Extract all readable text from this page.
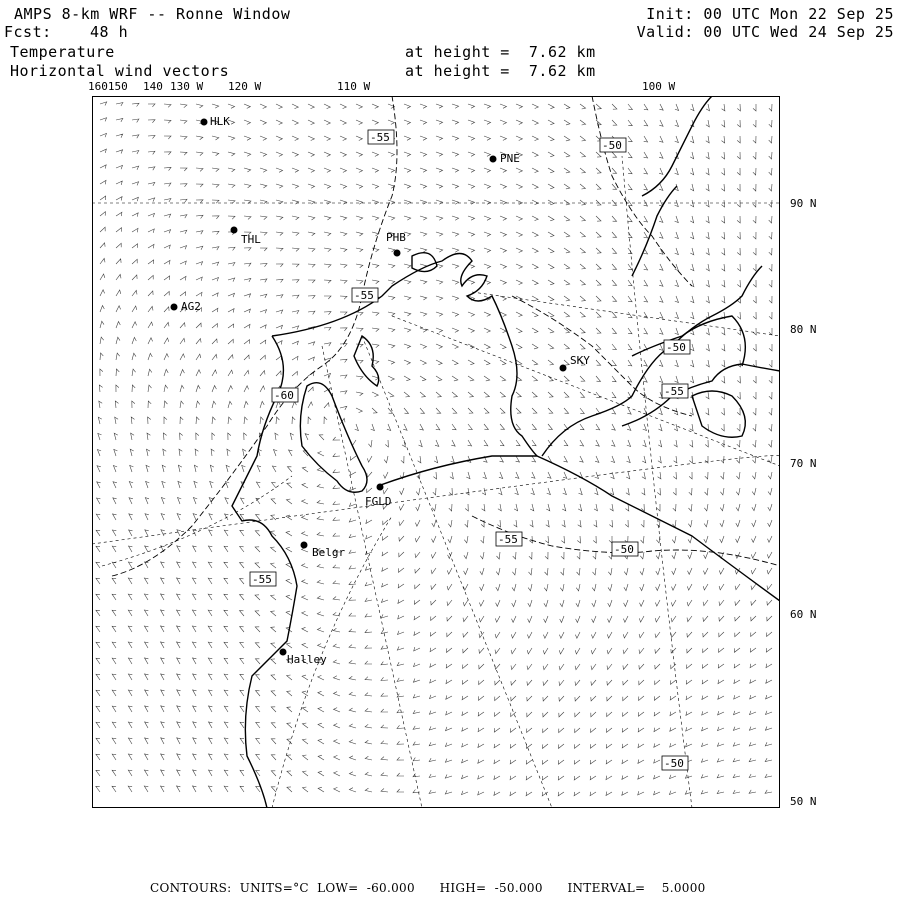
AMPS 8-km WRF -- Ronne Window
Fcst:	48 h
Init: 00 UTC Mon 22 Sep 25
Valid: 00 UTC Wed 24 Sep 25
Temperature
Horizontal wind vectors
at height =  7.62 km
at height =  7.62 km
160150 140 130 W 120 W	110 W	100 W
90 N
80 N
70 N
60 N
50 N
-55
-50
-55
-60
-50
-55
-55
-50
-55
-50
HLK
PNE
THL	PHB
AG2
SKY
FGLD
Belgr
Halley
CONTOURS:  UNITS=°C  LOW=  -60.000      HIGH=  -50.000      INTERVAL=    5.0000
